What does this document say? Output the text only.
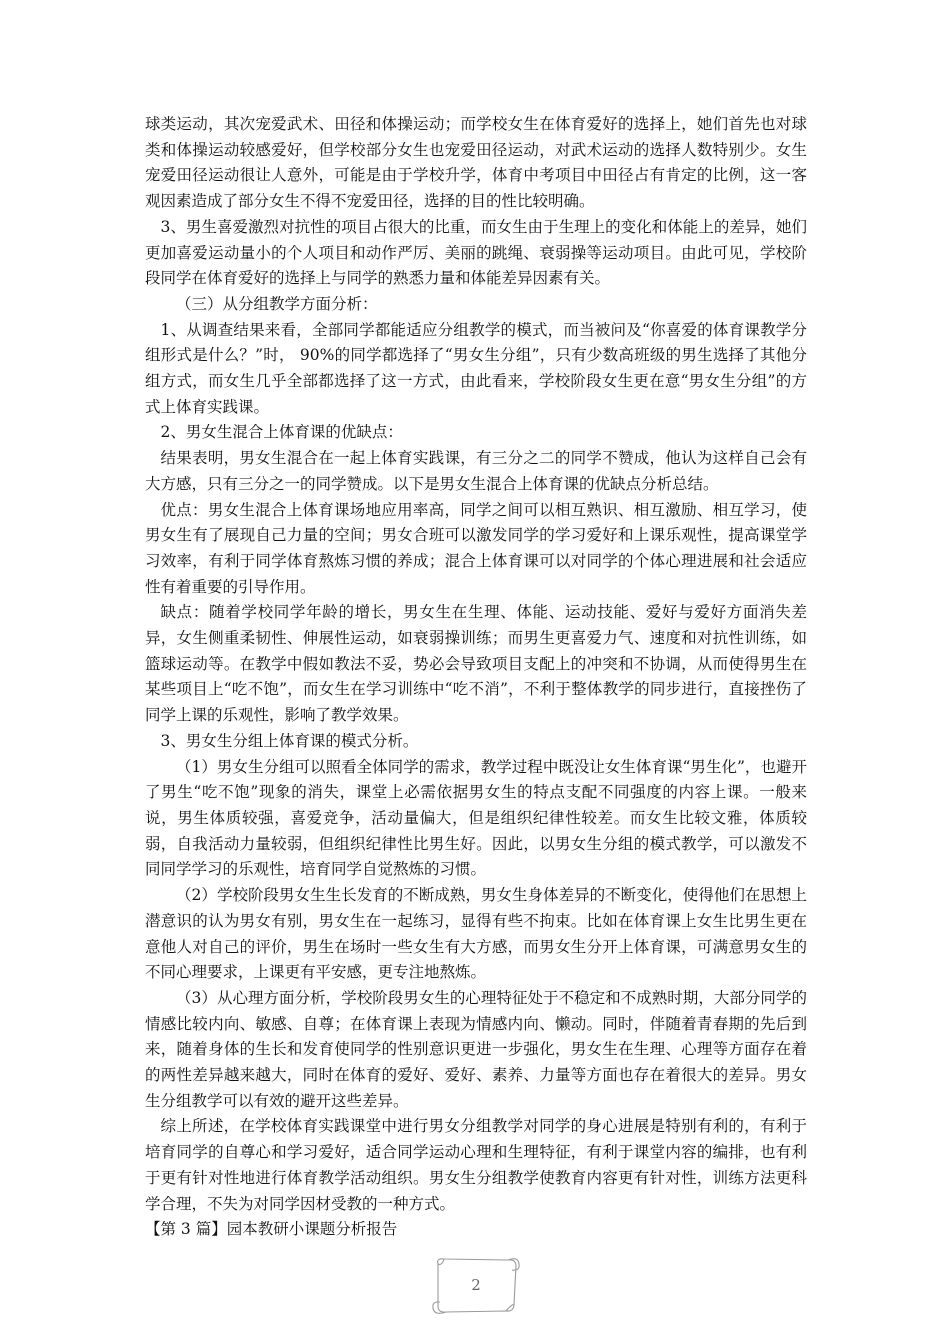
球类运动，其次宠爱武术、田径和体操运动；而学校女生在体育爱好的选择上，她们首先也对球类和体操运动较感爱好，但学校部分女生也宠爱田径运动，对武术运动的选择人数特别少。女生宠爱田径运动很让人意外，可能是由于学校升学，体育中考项目中田径占有肯定的比例，这一客观因素造成了部分女生不得不宠爱田径，选择的目的性比较明确。

3、男生喜爱激烈对抗性的项目占很大的比重，而女生由于生理上的变化和体能上的差异，她们更加喜爱运动量小的个人项目和动作严厉、美丽的跳绳、衰弱操等运动项目。由此可见，学校阶段同学在体育爱好的选择上与同学的熟悉力量和体能差异因素有关。

（三）从分组教学方面分析：

1、从调查结果来看，全部同学都能适应分组教学的模式，而当被问及“你喜爱的体育课教学分组形式是什么？”时， 90%的同学都选择了“男女生分组”，只有少数高班级的男生选择了其他分组方式，而女生几乎全部都选择了这一方式，由此看来，学校阶段女生更在意“男女生分组”的方式上体育实践课。

2、男女生混合上体育课的优缺点：

结果表明，男女生混合在一起上体育实践课，有三分之二的同学不赞成，他认为这样自己会有大方感，只有三分之一的同学赞成。以下是男女生混合上体育课的优缺点分析总结。

优点：男女生混合上体育课场地应用率高，同学之间可以相互熟识、相互激励、相互学习，使男女生有了展现自己力量的空间；男女合班可以激发同学的学习爱好和上课乐观性，提高课堂学习效率，有利于同学体育熬炼习惯的养成；混合上体育课可以对同学的个体心理进展和社会适应性有着重要的引导作用。

缺点：随着学校同学年龄的增长，男女生在生理、体能、运动技能、爱好与爱好方面消失差异，女生侧重柔韧性、伸展性运动，如衰弱操训练；而男生更喜爱力气、速度和对抗性训练，如篮球运动等。在教学中假如教法不妥，势必会导致项目支配上的冲突和不协调，从而使得男生在某些项目上“吃不饱”，而女生在学习训练中“吃不消”，不利于整体教学的同步进行，直接挫伤了同学上课的乐观性，影响了教学效果。

3、男女生分组上体育课的模式分析。

（1）男女生分组可以照看全体同学的需求，教学过程中既没让女生体育课“男生化”，也避开了男生“吃不饱”现象的消失，课堂上必需依据男女生的特点支配不同强度的内容上课。一般来说，男生体质较强，喜爱竞争，活动量偏大，但是组织纪律性较差。而女生比较文雅，体质较弱，自我活动力量较弱，但组织纪律性比男生好。因此，以男女生分组的模式教学，可以激发不同同学学习的乐观性，培育同学自觉熬炼的习惯。

（2）学校阶段男女生生长发育的不断成熟，男女生身体差异的不断变化，使得他们在思想上潜意识的认为男女有别，男女生在一起练习，显得有些不拘束。比如在体育课上女生比男生更在意他人对自己的评价，男生在场时一些女生有大方感，而男女生分开上体育课，可满意男女生的不同心理要求，上课更有平安感，更专注地熬炼。

（3）从心理方面分析，学校阶段男女生的心理特征处于不稳定和不成熟时期，大部分同学的情感比较内向、敏感、自尊；在体育课上表现为情感内向、懒动。同时，伴随着青春期的先后到来，随着身体的生长和发育使同学的性别意识更进一步强化，男女生在生理、心理等方面存在着的两性差异越来越大，同时在体育的爱好、爱好、素养、力量等方面也存在着很大的差异。男女生分组教学可以有效的避开这些差异。

综上所述，在学校体育实践课堂中进行男女分组教学对同学的身心进展是特别有利的，有利于培育同学的自尊心和学习爱好，适合同学运动心理和生理特征，有利于课堂内容的编排，也有利于更有针对性地进行体育教学活动组织。男女生分组教学使教育内容更有针对性，训练方法更科学合理，不失为对同学因材受教的一种方式。

【第 3 篇】园本教研小课题分析报告

2
